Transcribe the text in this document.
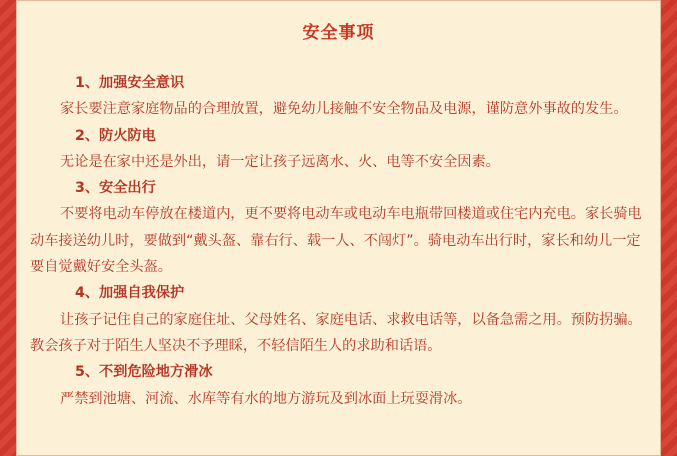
安全事项
1、加强安全意识
家长要注意家庭物品的合理放置，避免幼儿接触不安全物品及电源，谨防意外事故的发生。
2、防火防电
无论是在家中还是外出，请一定让孩子远离水、火、电等不安全因素。
3、安全出行
不要将电动车停放在楼道内，更不要将电动车或电动车电瓶带回楼道或住宅内充电。家长骑电动车接送幼儿时，要做到“戴头盔、靠右行、载一人、不闯灯”。骑电动车出行时，家长和幼儿一定要自觉戴好安全头盔。
4、加强自我保护
让孩子记住自己的家庭住址、父母姓名、家庭电话、求救电话等，以备急需之用。预防拐骗。教会孩子对于陌生人坚决不予理睬，不轻信陌生人的求助和话语。
5、不到危险地方滑冰
严禁到池塘、河流、水库等有水的地方游玩及到冰面上玩耍滑冰。
